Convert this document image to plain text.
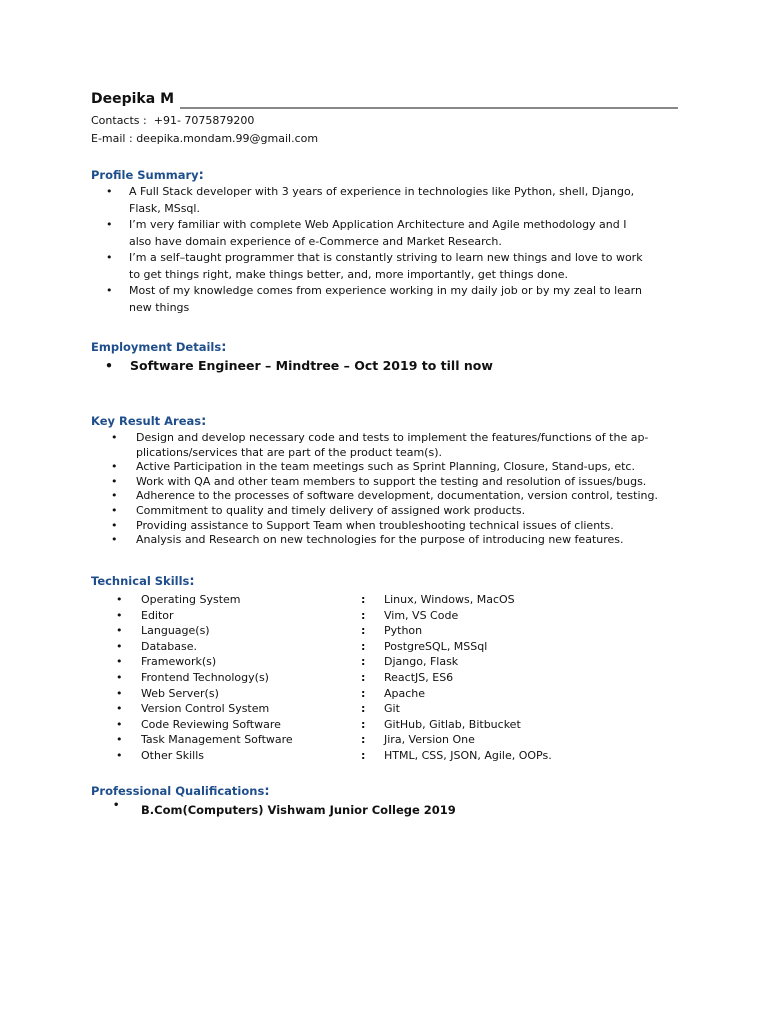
Deepika M
Contacts : +91- 7075879200
E-mail : deepika.mondam.99@gmail.com
Profile Summary:
• A Full Stack developer with 3 years of experience in technologies like Python, shell, Django,
Flask, MSsql.
• I’m very familiar with complete Web Application Architecture and Agile methodology and I
also have domain experience of e-Commerce and Market Research.
• I’m a self–taught programmer that is constantly striving to learn new things and love to work
to get things right, make things better, and, more importantly, get things done.
• Most of my knowledge comes from experience working in my daily job or by my zeal to learn
new things
Employment Details:
• Software Engineer – Mindtree – Oct 2019 to till now
Key Result Areas:
• Design and develop necessary code and tests to implement the features/functions of the ap-
plications/services that are part of the product team(s).
• Active Participation in the team meetings such as Sprint Planning, Closure, Stand-ups, etc.
• Work with QA and other team members to support the testing and resolution of issues/bugs.
• Adherence to the processes of software development, documentation, version control, testing.
• Commitment to quality and timely delivery of assigned work products.
• Providing assistance to Support Team when troubleshooting technical issues of clients.
• Analysis and Research on new technologies for the purpose of introducing new features.
Technical Skills:
• Operating System	: Linux, Windows, MacOS
• Editor	: Vim, VS Code
• Language(s)	: Python
• Database.	: PostgreSQL, MSSql
• Framework(s)	: Django, Flask
• Frontend Technology(s)	: ReactJS, ES6
• Web Server(s)	: Apache
• Version Control System	: Git
• Code Reviewing Software	: GitHub, Gitlab, Bitbucket
• Task Management Software	: Jira, Version One
• Other Skills	: HTML, CSS, JSON, Agile, OOPs.
Professional Qualifications:
• B.Com(Computers) Vishwam Junior College 2019
